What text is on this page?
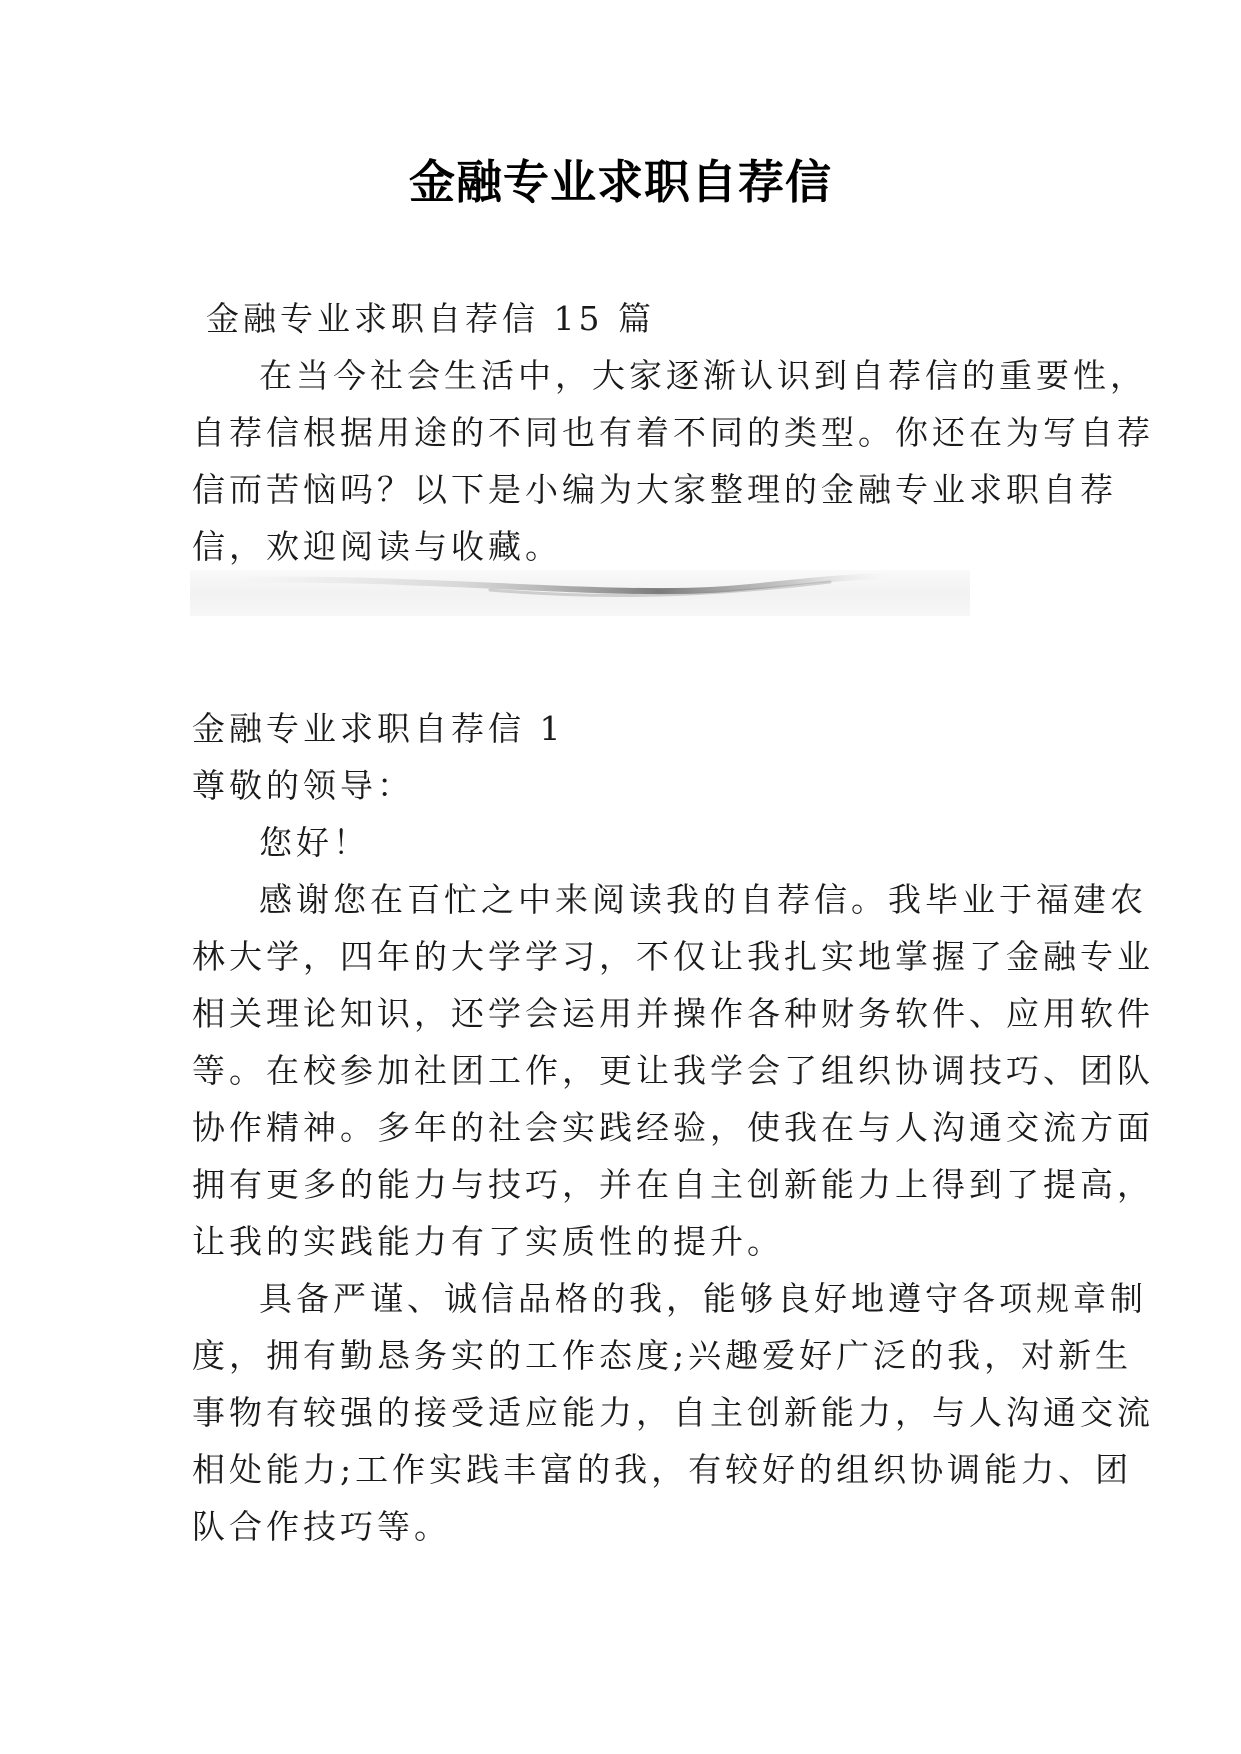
金融专业求职自荐信
金融专业求职自荐信 15 篇
在当今社会生活中，大家逐渐认识到自荐信的重要性，
自荐信根据用途的不同也有着不同的类型。你还在为写自荐
信而苦恼吗？以下是小编为大家整理的金融专业求职自荐
信，欢迎阅读与收藏。
金融专业求职自荐信 1
尊敬的领导：
您好！
感谢您在百忙之中来阅读我的自荐信。我毕业于福建农
林大学，四年的大学学习，不仅让我扎实地掌握了金融专业
相关理论知识，还学会运用并操作各种财务软件、应用软件
等。在校参加社团工作，更让我学会了组织协调技巧、团队
协作精神。多年的社会实践经验，使我在与人沟通交流方面
拥有更多的能力与技巧，并在自主创新能力上得到了提高，
让我的实践能力有了实质性的提升。
具备严谨、诚信品格的我，能够良好地遵守各项规章制
度，拥有勤恳务实的工作态度;兴趣爱好广泛的我，对新生
事物有较强的接受适应能力，自主创新能力，与人沟通交流
相处能力;工作实践丰富的我，有较好的组织协调能力、团
队合作技巧等。
